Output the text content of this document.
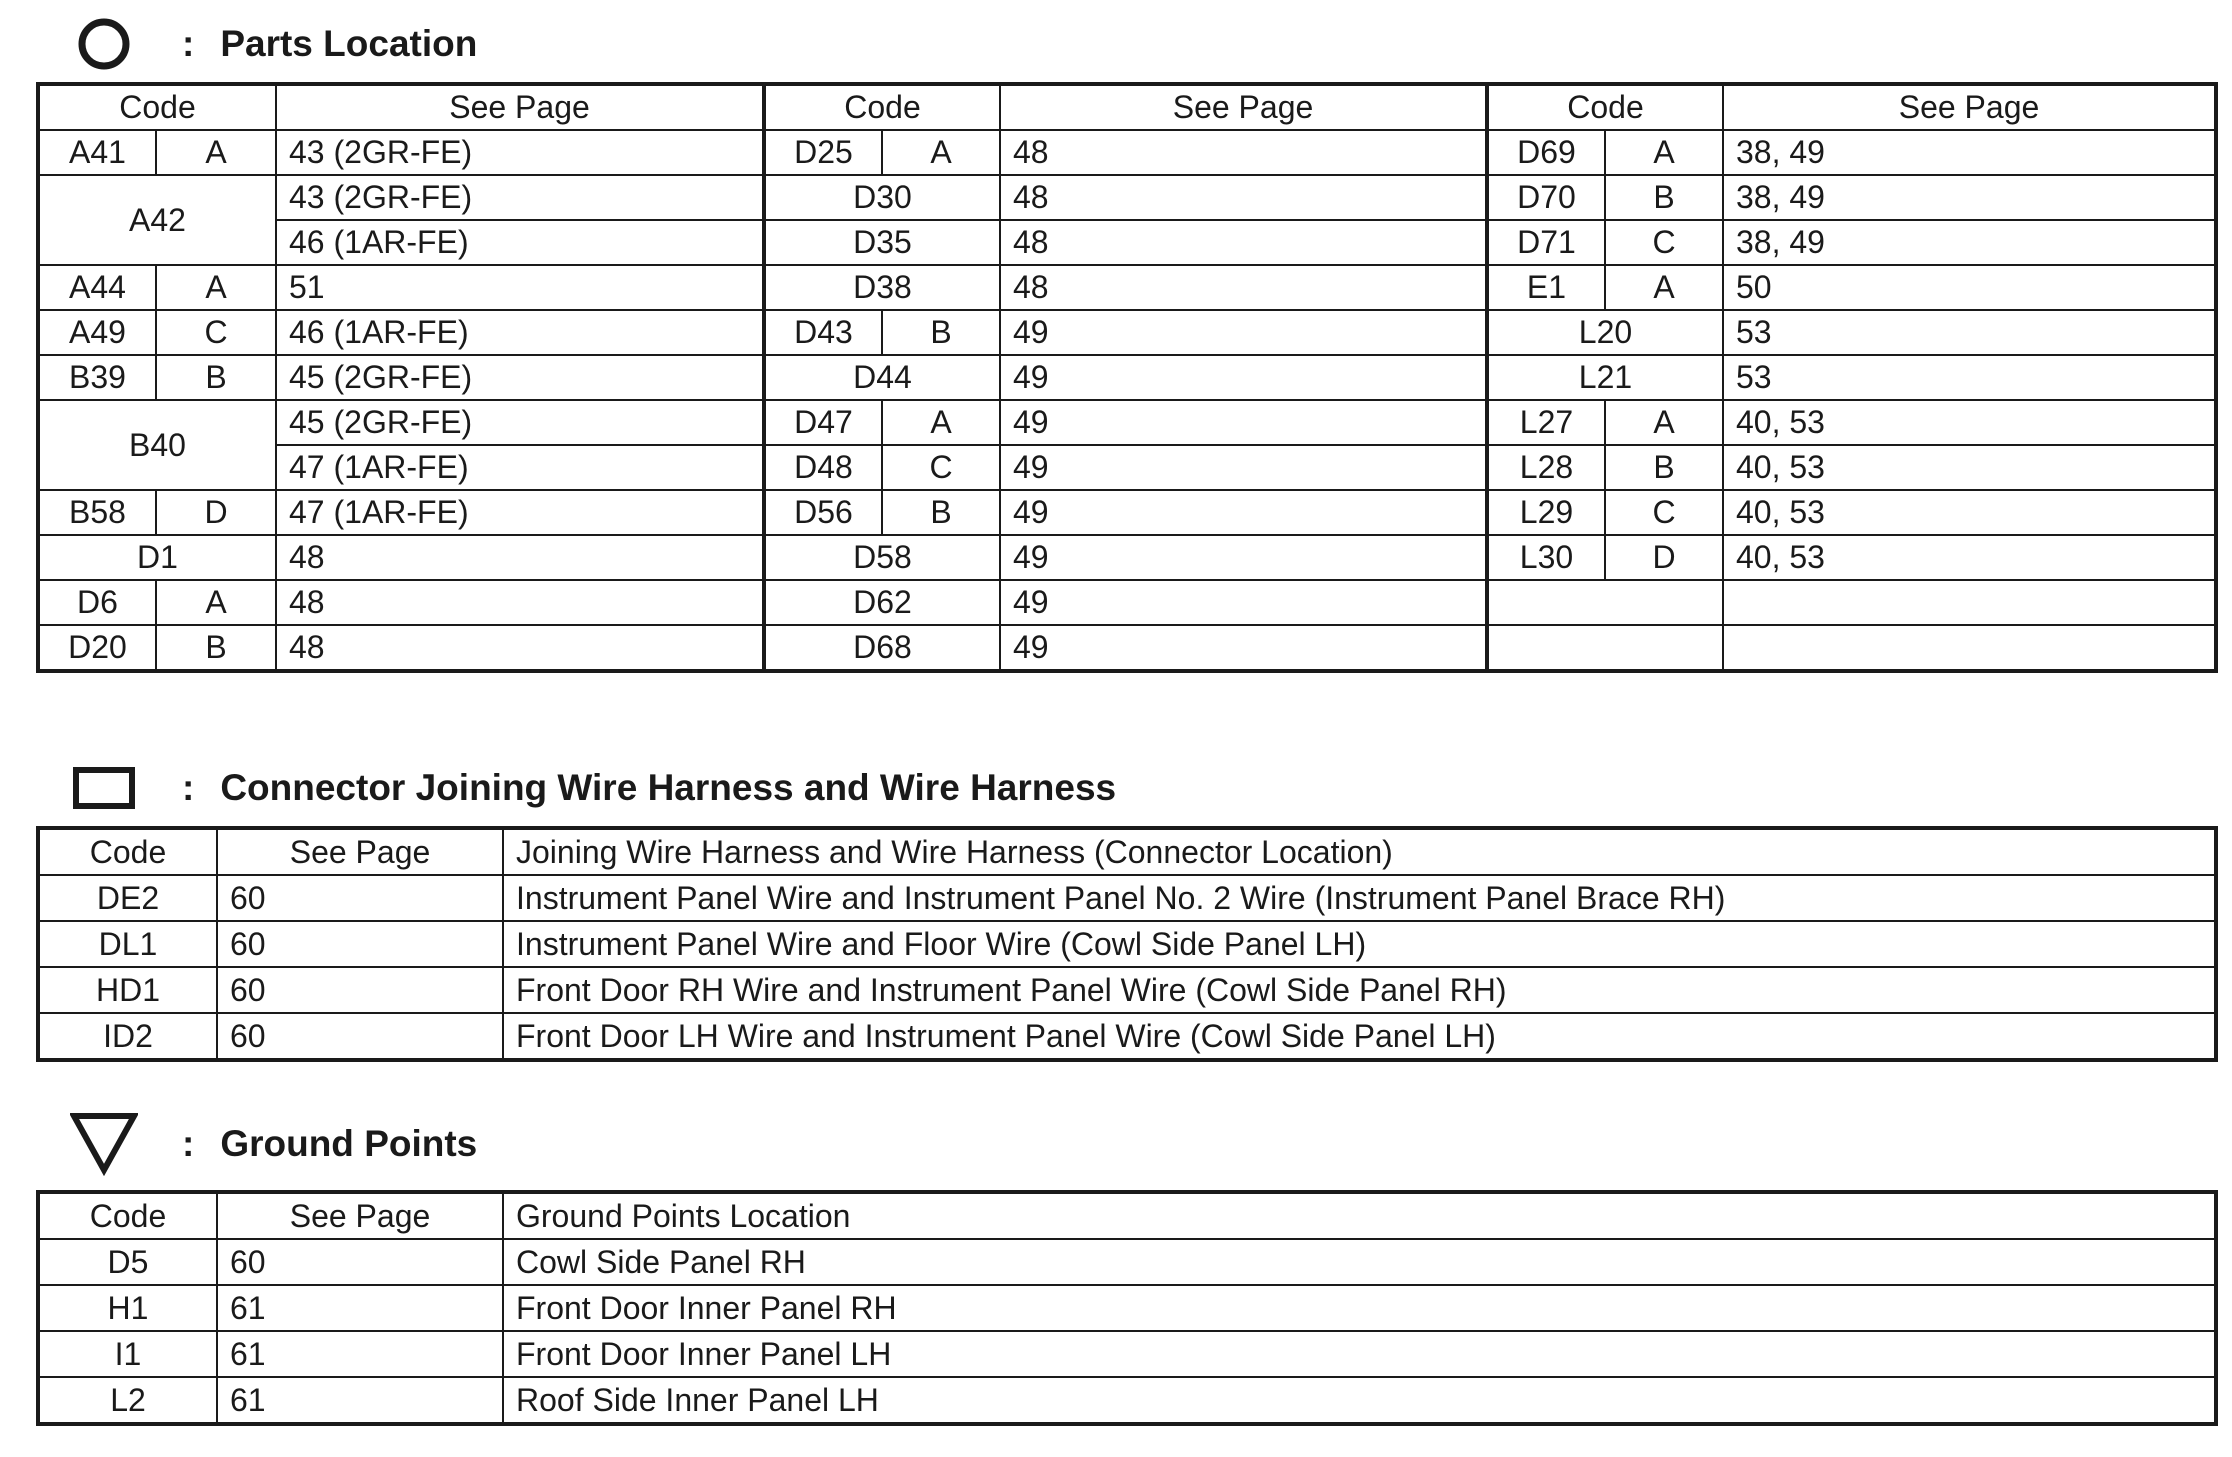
: Parts Location
Code		See Page	Code		See Page	Code		See Page
A41	A	43 (2GR-FE)	D25	A	48	D69	A	38, 49
A42		43 (2GR-FE)	D30		48	D70	B	38, 49
		46 (1AR-FE)	D35		48	D71	C	38, 49
A44	A	51	D38		48	E1	A	50
A49	C	46 (1AR-FE)	D43	B	49	L20		53
B39	B	45 (2GR-FE)	D44		49	L21		53
B40		45 (2GR-FE)	D47	A	49	L27	A	40, 53
		47 (1AR-FE)	D48	C	49	L28	B	40, 53
B58	D	47 (1AR-FE)	D56	B	49	L29	C	40, 53
D1		48	D58		49	L30	D	40, 53
D6	A	48	D62		49			
D20	B	48	D68		49			
: Connector Joining Wire Harness and Wire Harness
Code	See Page	Joining Wire Harness and Wire Harness (Connector Location)
DE2	60	Instrument Panel Wire and Instrument Panel No. 2 Wire (Instrument Panel Brace RH)
DL1	60	Instrument Panel Wire and Floor Wire (Cowl Side Panel LH)
HD1	60	Front Door RH Wire and Instrument Panel Wire (Cowl Side Panel RH)
ID2	60	Front Door LH Wire and Instrument Panel Wire (Cowl Side Panel LH)
: Ground Points
Code	See Page	Ground Points Location
D5	60	Cowl Side Panel RH
H1	61	Front Door Inner Panel RH
I1	61	Front Door Inner Panel LH
L2	61	Roof Side Inner Panel LH
